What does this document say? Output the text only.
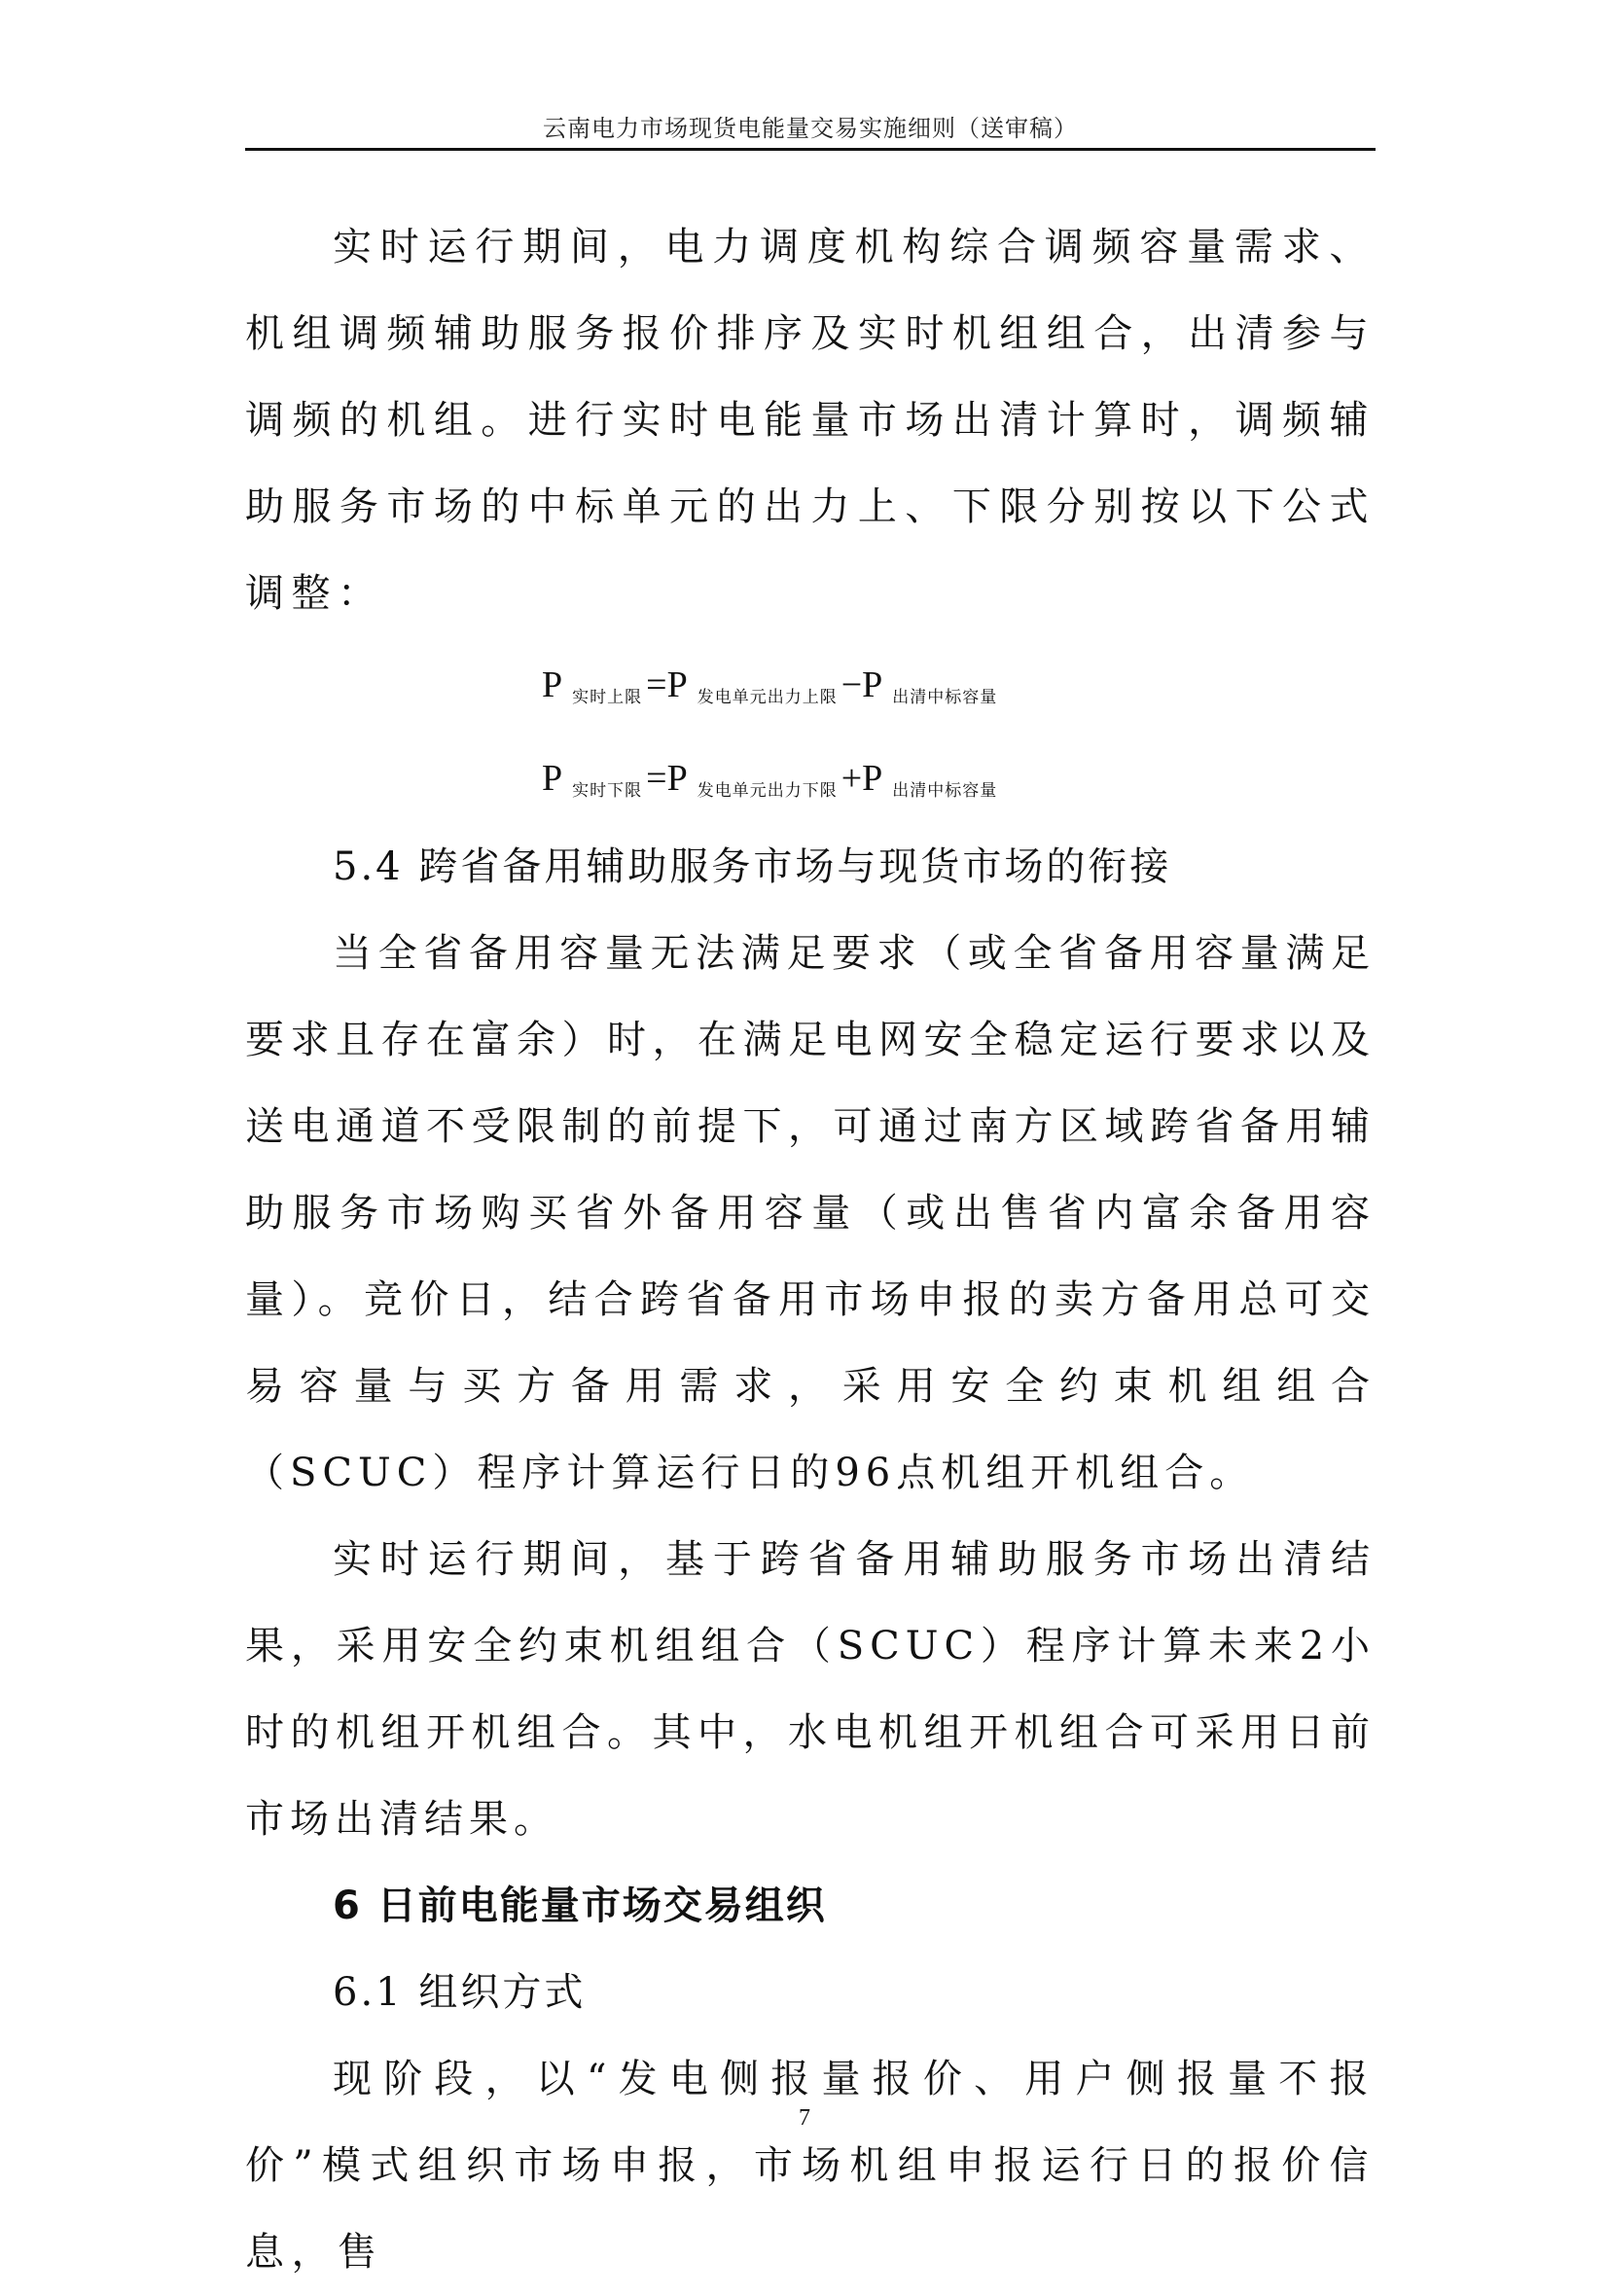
云南电力市场现货电能量交易实施细则（送审稿）

实时运行期间，电力调度机构综合调频容量需求、机组调频辅助服务报价排序及实时机组组合，出清参与调频的机组。进行实时电能量市场出清计算时，调频辅助服务市场的中标单元的出力上、下限分别按以下公式调整：

P实时上限 =P 发电单元出力上限 −P 出清中标容量
P实时下限 =P 发电单元出力下限 +P 出清中标容量

5.4 跨省备用辅助服务市场与现货市场的衔接

当全省备用容量无法满足要求（或全省备用容量满足要求且存在富余）时，在满足电网安全稳定运行要求以及送电通道不受限制的前提下，可通过南方区域跨省备用辅助服务市场购买省外备用容量（或出售省内富余备用容量）。竞价日，结合跨省备用市场申报的卖方备用总可交易容量与买方备用需求，采用安全约束机组组合（SCUC）程序计算运行日的96点机组开机组合。

实时运行期间，基于跨省备用辅助服务市场出清结果，采用安全约束机组组合（SCUC）程序计算未来2小时的机组开机组合。其中，水电机组开机组合可采用日前市场出清结果。

6 日前电能量市场交易组织

6.1 组织方式

现阶段，以“发电侧报量报价、用户侧报量不报价”模式组织市场申报，市场机组申报运行日的报价信息，售

7
